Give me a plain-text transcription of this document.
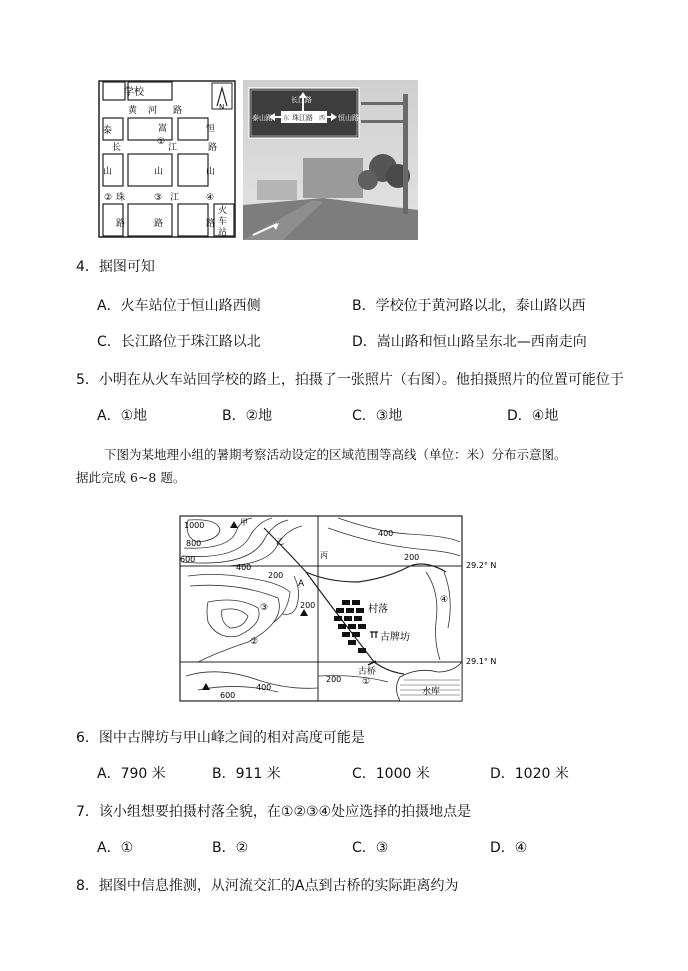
学校
N
黄 河 路
长	江	路
② 珠	③ 江	④
①
泰
山
路
嵩
山
路
恒
山
路
火
车
站
长江路
泰山路 东 珠江路 西 恒山路
4．据图可知
A．火车站位于恒山路西侧	B．学校位于黄河路以北，泰山路以西
C．长江路位于珠江路以北	D．嵩山路和恒山路呈东北—西南走向
5．小明在从火车站回学校的路上，拍摄了一张照片（右图）。他拍摄照片的位置可能位于
A．①地	B．②地	C．③地	D．④地
下图为某地理小组的暑期考察活动设定的区域范围等高线（单位：米）分布示意图。
据此完成 6~8 题。
1000	甲
800
600
乙
丙
400
200
400
200
A
200	村落
古牌坊
古桥
水库
200
400
600
①
②
③
④
29.2° N
29.1° N
6．图中古牌坊与甲山峰之间的相对高度可能是
A．790 米	B．911 米	C．1000 米	D．1020 米
7．该小组想要拍摄村落全貌，在①②③④处应选择的拍摄地点是
A．①	B．②	C．③	D．④
8．据图中信息推测，从河流交汇的A点到古桥的实际距离约为
